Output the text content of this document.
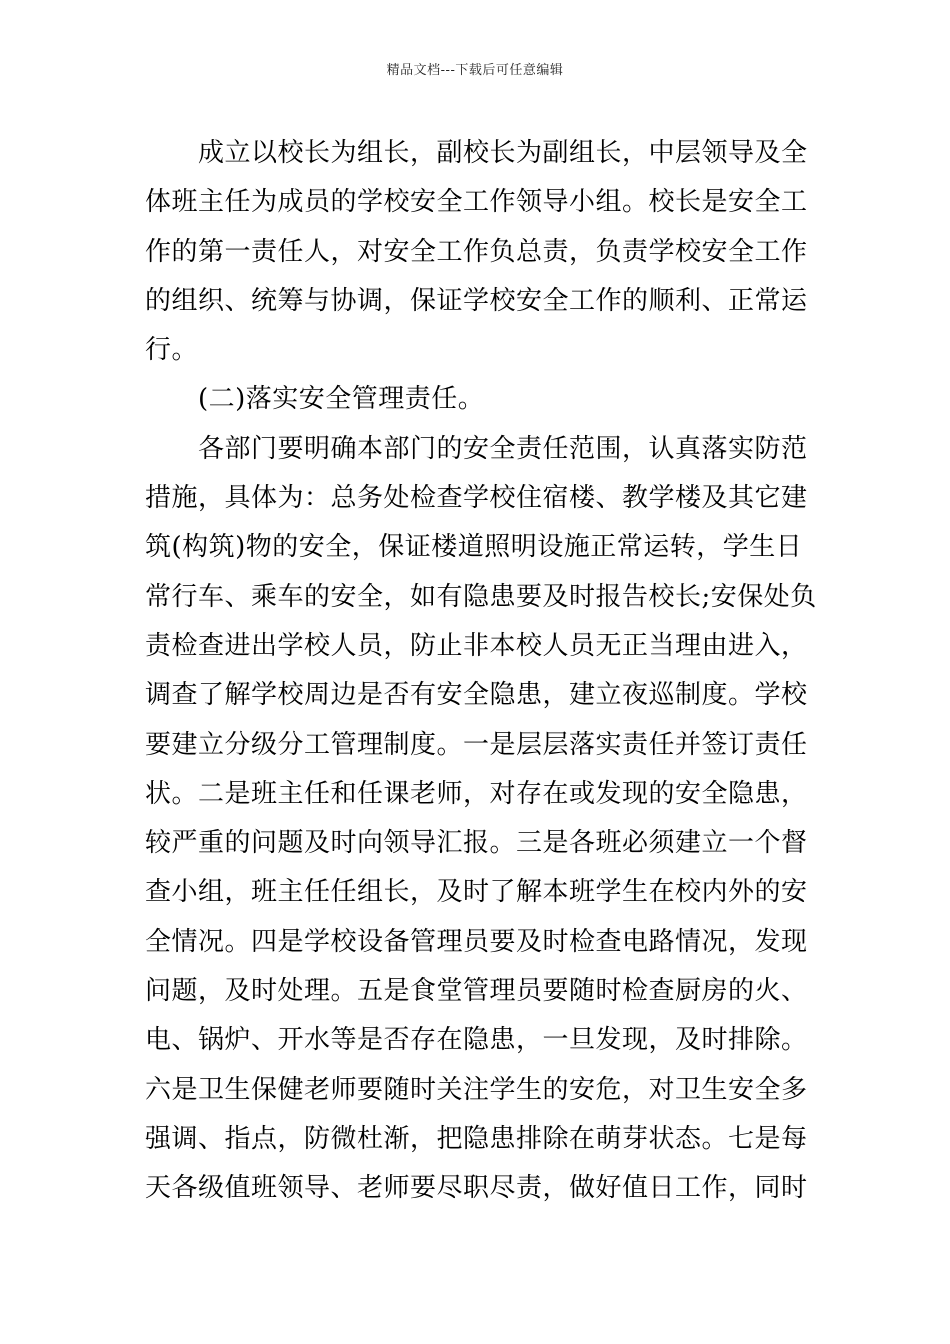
精品文档---下载后可任意编辑
成立以校长为组长，副校长为副组长，中层领导及全
体班主任为成员的学校安全工作领导小组。校长是安全工
作的第一责任人，对安全工作负总责，负责学校安全工作
的组织、统筹与协调，保证学校安全工作的顺利、正常运
行。
(二)落实安全管理责任。
各部门要明确本部门的安全责任范围，认真落实防范
措施，具体为：总务处检查学校住宿楼、教学楼及其它建
筑(构筑)物的安全，保证楼道照明设施正常运转，学生日
常行车、乘车的安全，如有隐患要及时报告校长;安保处负
责检查进出学校人员，防止非本校人员无正当理由进入，
调查了解学校周边是否有安全隐患，建立夜巡制度。学校
要建立分级分工管理制度。一是层层落实责任并签订责任
状。二是班主任和任课老师，对存在或发现的安全隐患，
较严重的问题及时向领导汇报。三是各班必须建立一个督
查小组，班主任任组长，及时了解本班学生在校内外的安
全情况。四是学校设备管理员要及时检查电路情况，发现
问题，及时处理。五是食堂管理员要随时检查厨房的火、
电、锅炉、开水等是否存在隐患，一旦发现，及时排除。
六是卫生保健老师要随时关注学生的安危，对卫生安全多
强调、指点，防微杜渐，把隐患排除在萌芽状态。七是每
天各级值班领导、老师要尽职尽责，做好值日工作，同时
